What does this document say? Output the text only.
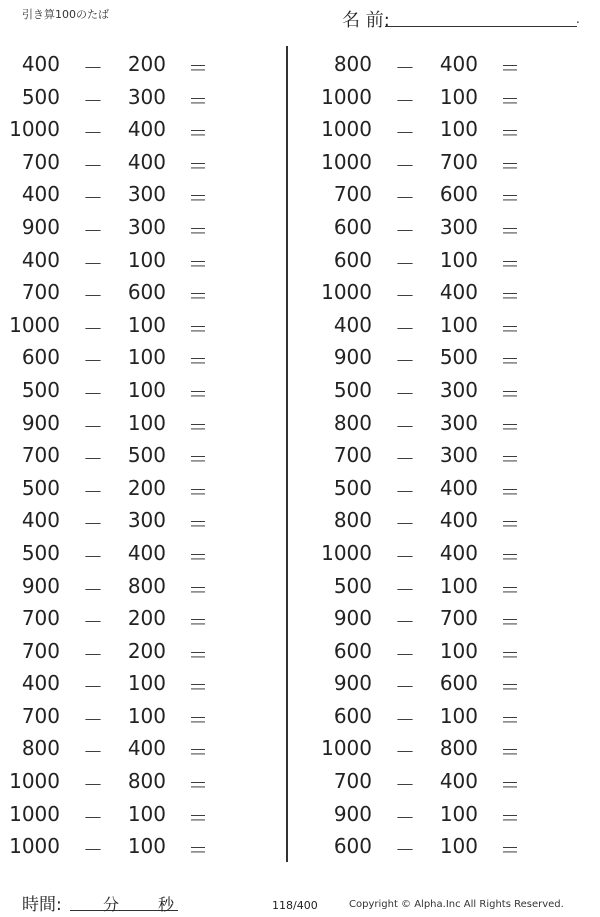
引き算100のたば	名 前:	.
400 －	200 ＝
500 －	300 ＝
1000 －	400 ＝
700 －	400 ＝
400 －	300 ＝
900 －	300 ＝
400 －	100 ＝
700 －	600 ＝
1000 －	100 ＝
600 －	100 ＝
500 －	100 ＝
900 －	100 ＝
700 －	500 ＝
500 －	200 ＝
400 －	300 ＝
500 －	400 ＝
900 －	800 ＝
700 －	200 ＝
700 －	200 ＝
400 －	100 ＝
700 －	100 ＝
800 －	400 ＝
1000 －	800 ＝
1000 －	100 ＝
1000 －	100 ＝
800 －	400 ＝
1000 －	100 ＝
1000 －	100 ＝
1000 －	700 ＝
700 －	600 ＝
600 －	300 ＝
600 －	100 ＝
1000 －	400 ＝
400 －	100 ＝
900 －	500 ＝
500 －	300 ＝
800 －	300 ＝
700 －	300 ＝
500 －	400 ＝
800 －	400 ＝
1000 －	400 ＝
500 －	100 ＝
900 －	700 ＝
600 －	100 ＝
900 －	600 ＝
600 －	100 ＝
1000 －	800 ＝
700 －	400 ＝
900 －	100 ＝
600 －	100 ＝
時間:	分 秒	118/400	Copyright © Alpha.Inc All Rights Reserved.
